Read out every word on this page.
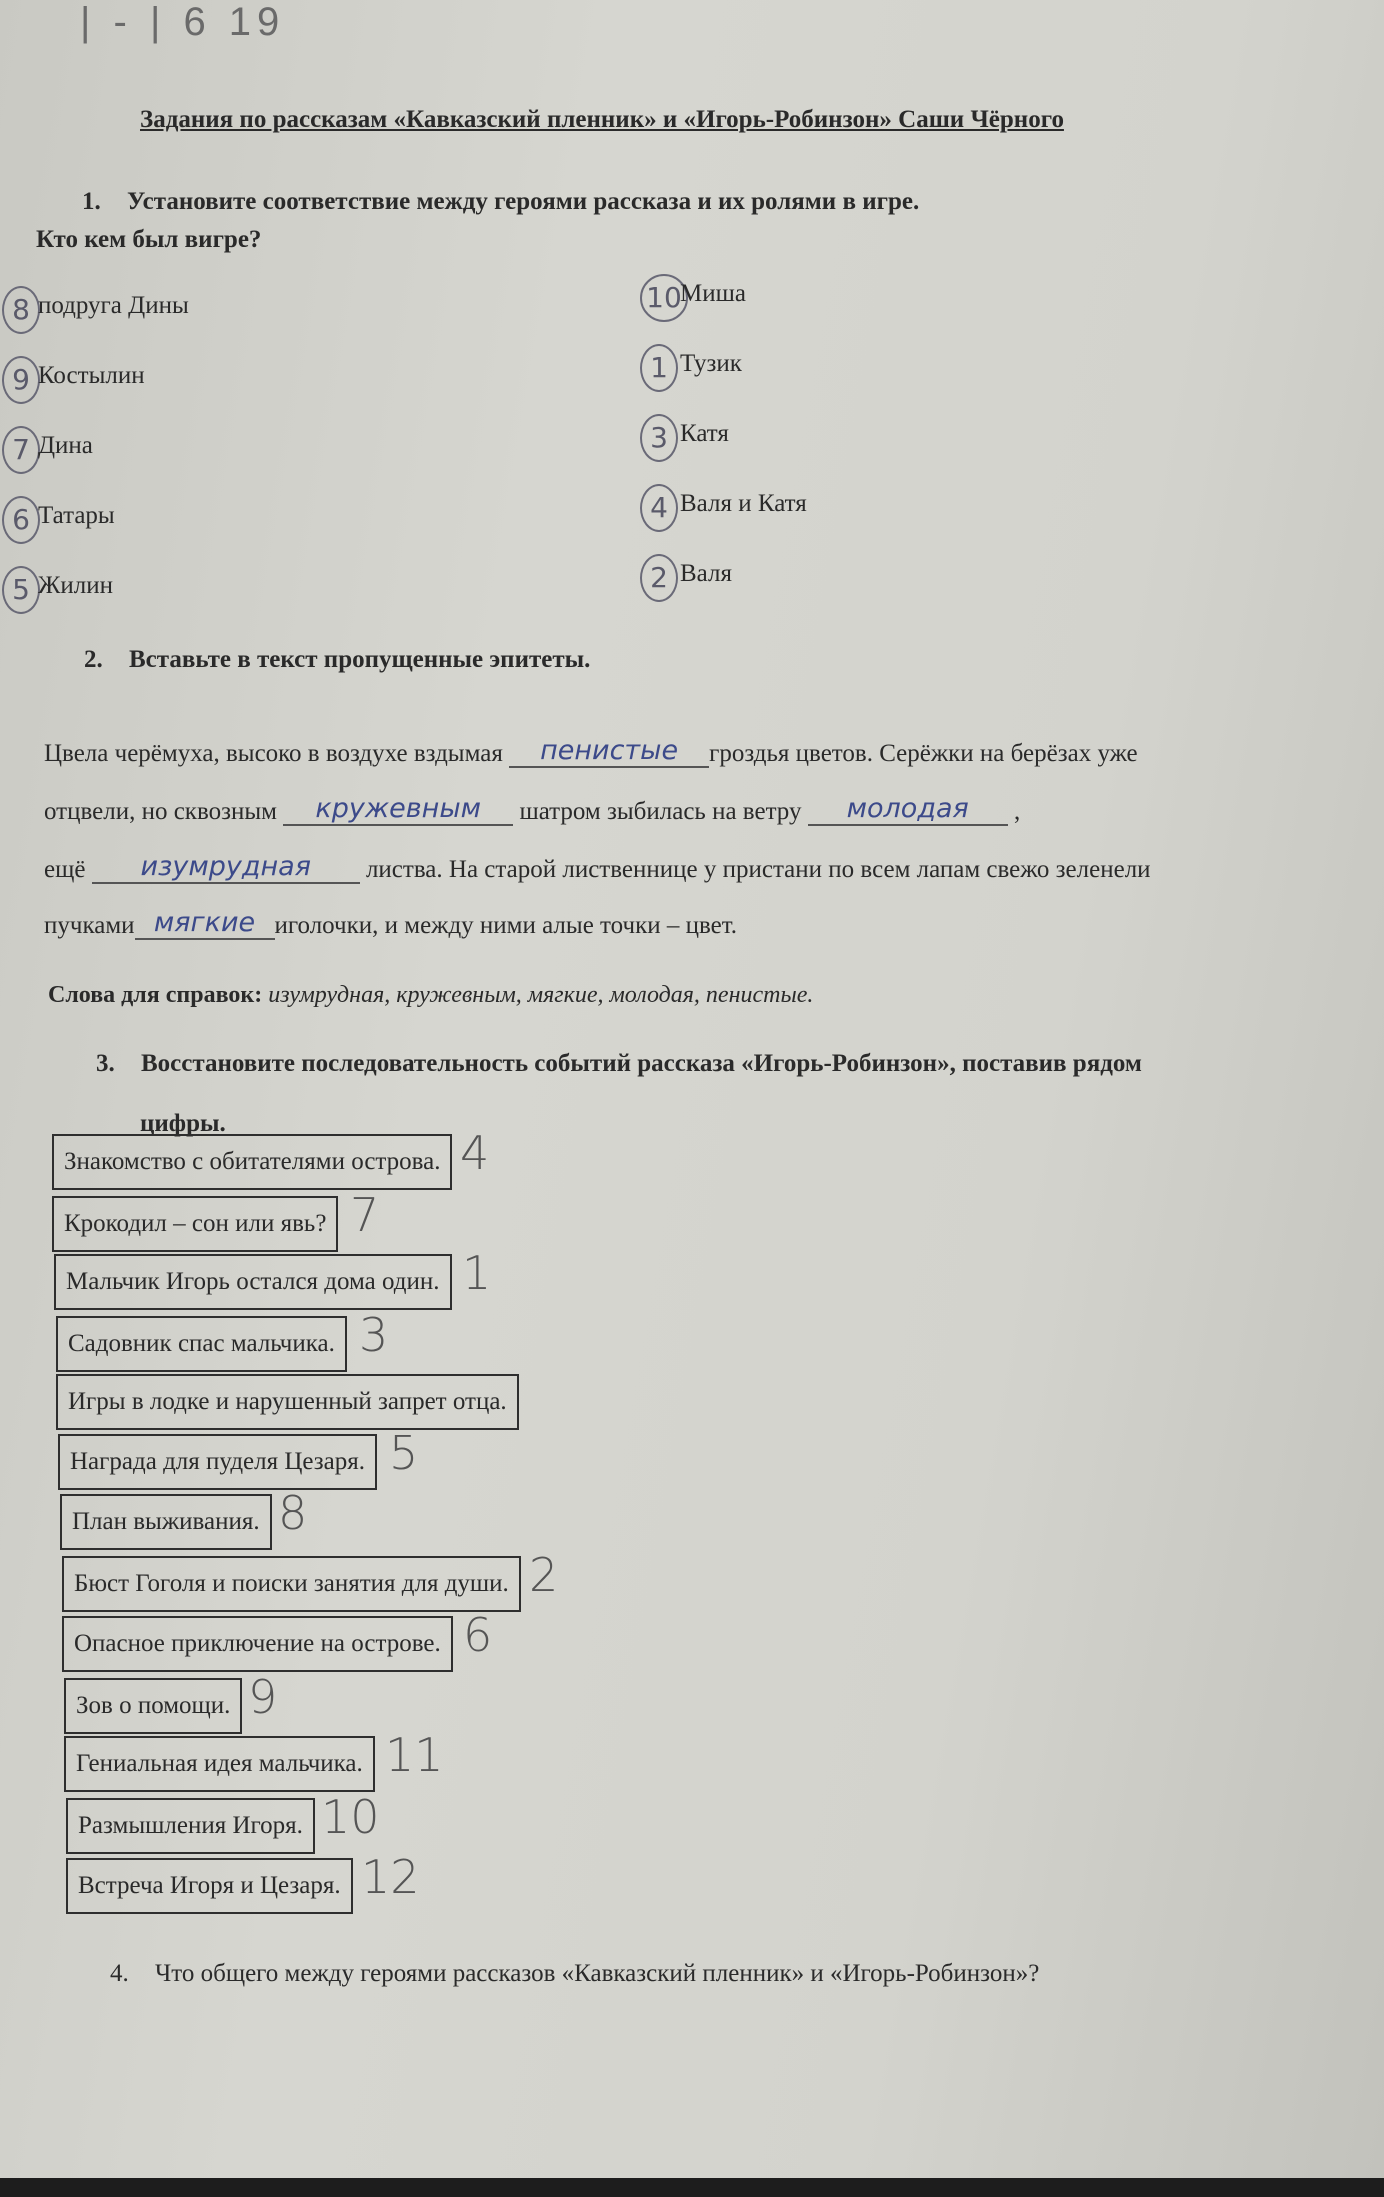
| - | 6 19
Задания по рассказам «Кавказский пленник» и «Игорь-Робинзон» Саши Чёрного
1. Установите соответствие между героями рассказа и их ролями в игре.
Кто кем был вигре?
8 подруга Дины
9 Костылин
7 Дина
6 Татары
5 Жилин
10
Миша
1 Тузик
3 Катя
4 Валя и Катя
2 Валя
2. Вставьте в текст пропущенные эпитеты.
Цвела черёмуха, высоко в воздухе вздымая пенистые гроздья цветов. Серёжки на берёзах уже
отцвели, но сквозным кружевным шатром зыбилась на ветру молодая ,
ещё изумрудная листва. На старой лиственнице у пристани по всем лапам свежо зеленели
пучками мягкие иголочки, и между ними алые точки – цвет.
Слова для справок: изумрудная, кружевным, мягкие, молодая, пенистые.
3. Восстановите последовательность событий рассказа «Игорь-Робинзон», поставив рядом
цифры.
Знакомство с обитателями острова. 4
Крокодил – сон или явь? 7
Мальчик Игорь остался дома один. 1
Садовник спас мальчика. 3
Игры в лодке и нарушенный запрет отца.
Награда для пуделя Цезаря. 5
План выживания. 8
Бюст Гоголя и поиски занятия для души. 2
Опасное приключение на острове. 6
Зов о помощи. 9
Гениальная идея мальчика. 11
Размышления Игоря. 10
Встреча Игоря и Цезаря. 12
4. Что общего между героями рассказов «Кавказский пленник» и «Игорь-Робинзон»?
